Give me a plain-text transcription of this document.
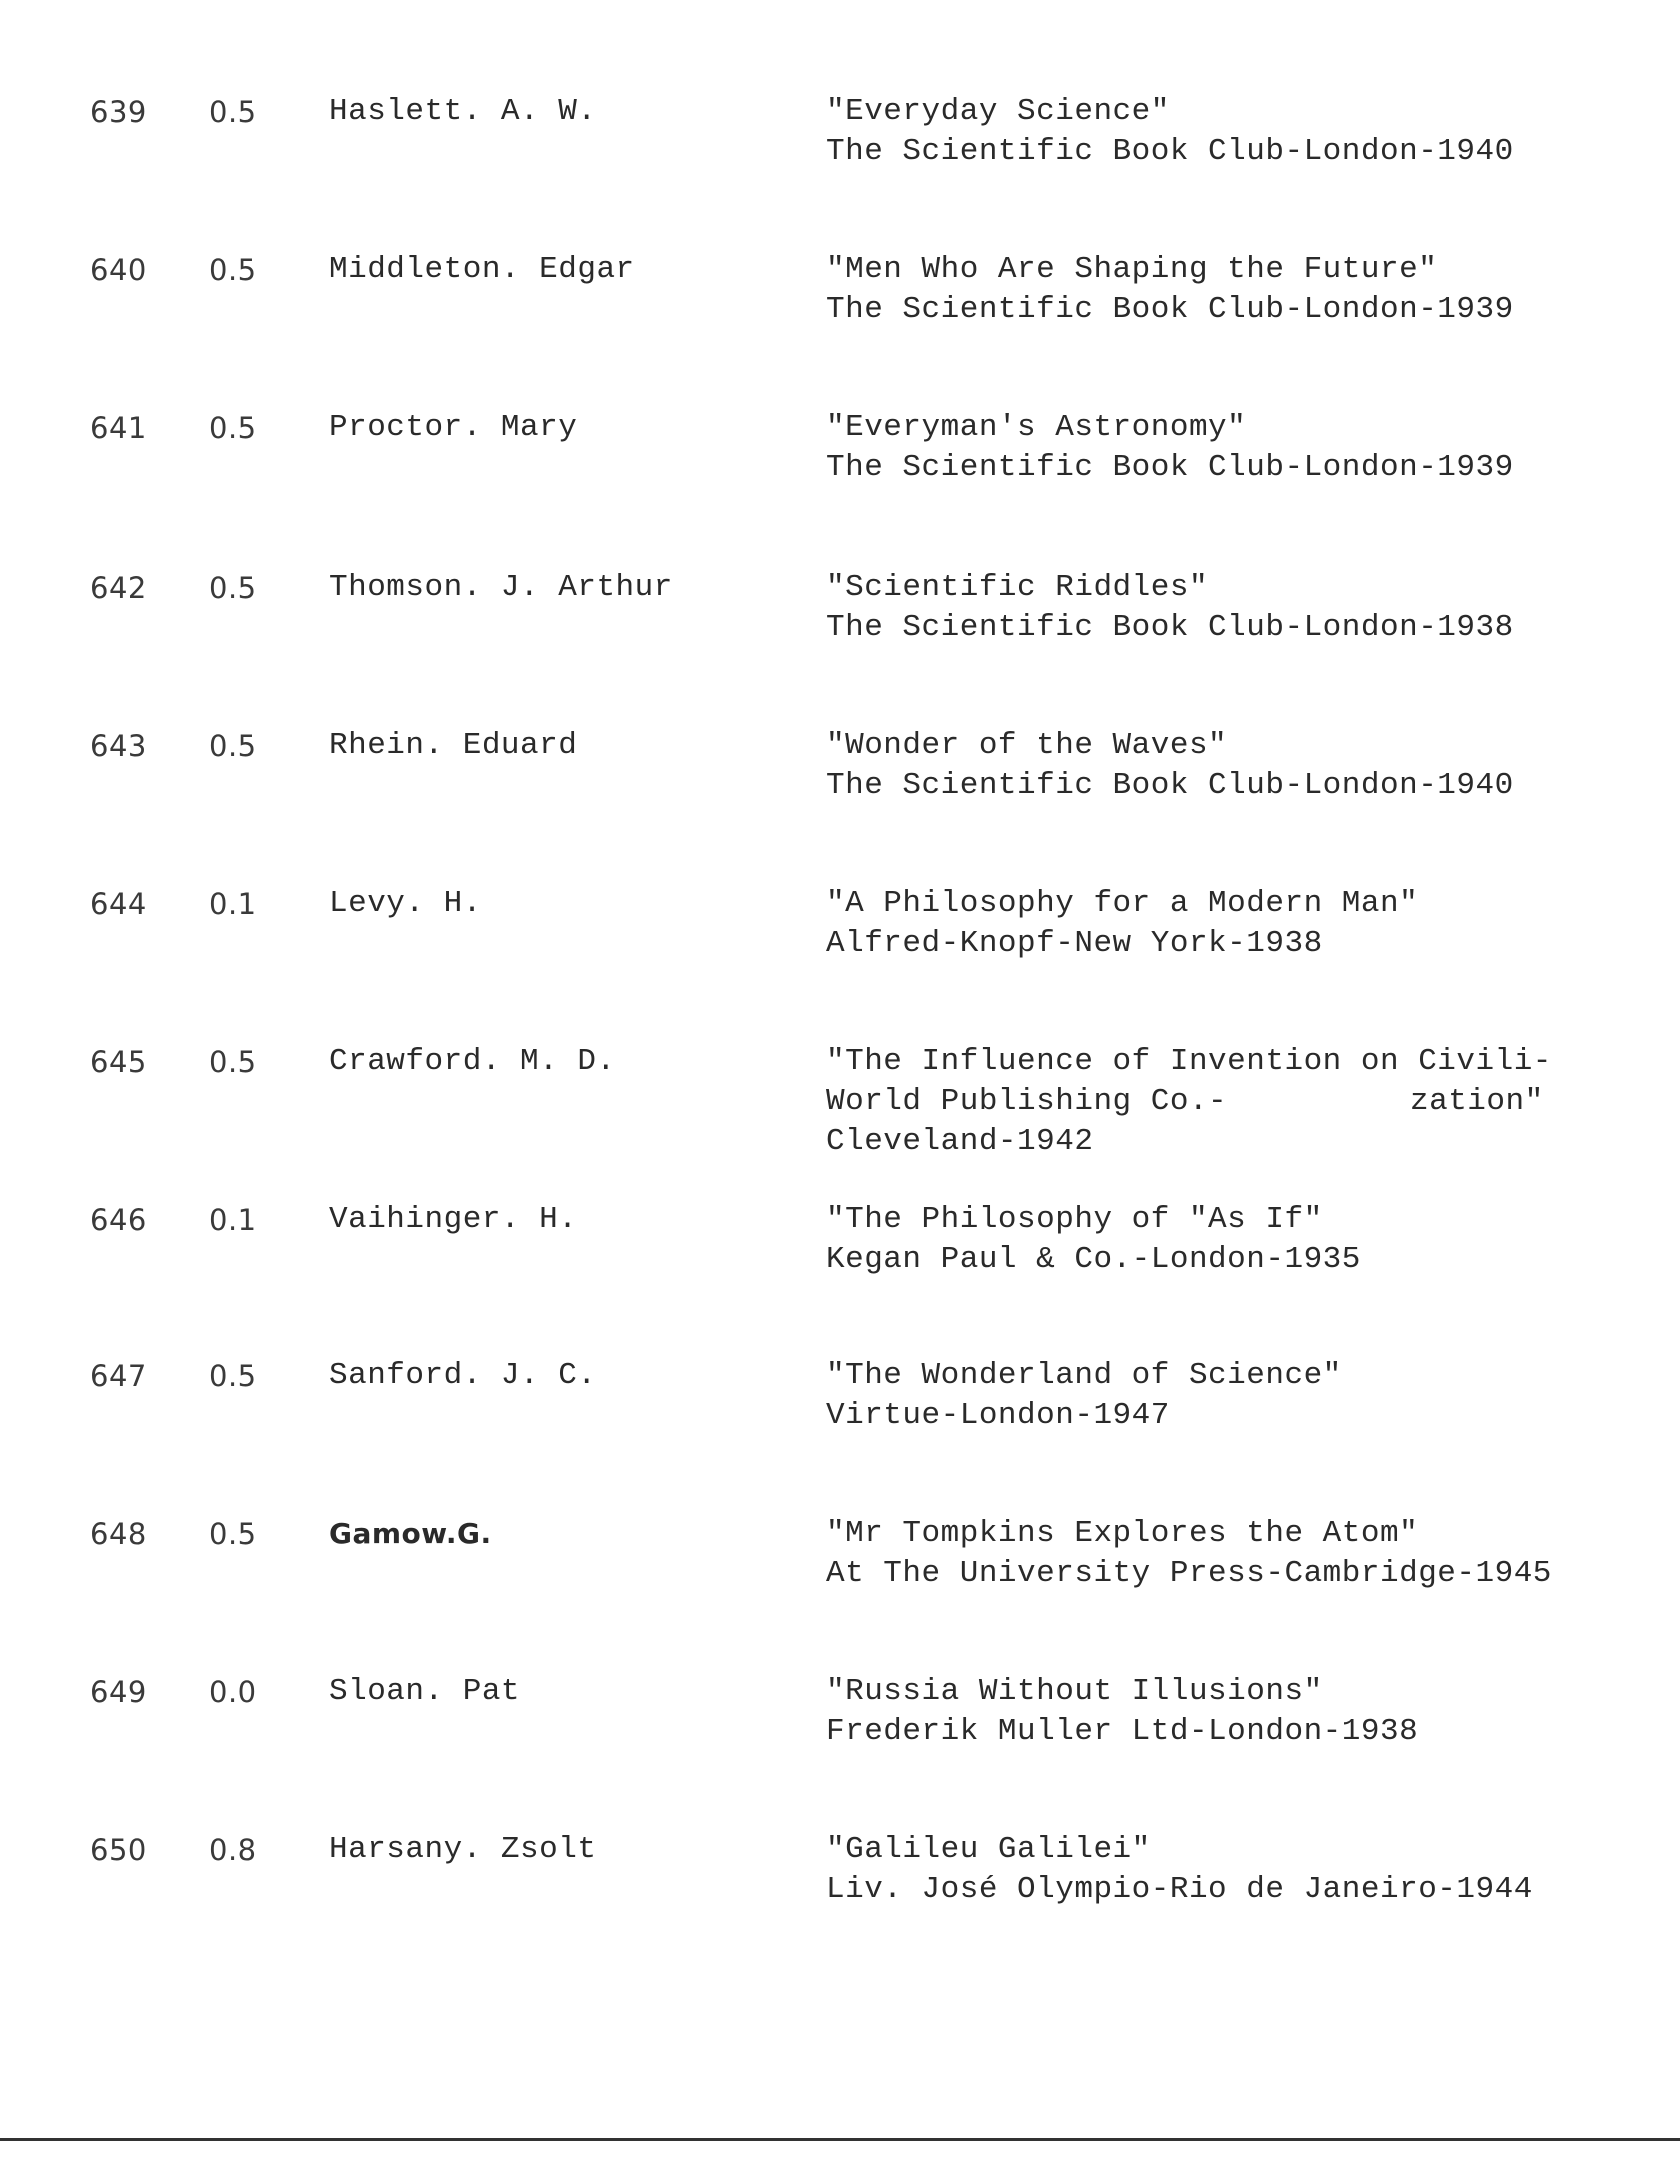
639 0.5 Haslett. A. W.	"Everyday Science"
The Scientific Book Club-London-1940
640 0.5 Middleton. Edgar	"Men Who Are Shaping the Future"
The Scientific Book Club-London-1939
641 0.5 Proctor. Mary	"Everyman's Astronomy"
The Scientific Book Club-London-1939
642 0.5 Thomson. J. Arthur	"Scientific Riddles"
The Scientific Book Club-London-1938
643 0.5 Rhein. Eduard	"Wonder of the Waves"
The Scientific Book Club-London-1940
644 0.1 Levy. H.	"A Philosophy for a Modern Man"
Alfred-Knopf-New York-1938
645 0.5 Crawford. M. D.	"The Influence of Invention on Civili-
World Publishing Co.-	zation"
Cleveland-1942
646 0.1 Vaihinger. H.	"The Philosophy of "As If"
Kegan Paul & Co.-London-1935
647 0.5 Sanford. J. C.	"The Wonderland of Science"
Virtue-London-1947
648 0.5	Gamow.G.	"Mr Tompkins Explores the Atom"
At The University Press-Cambridge-1945
649 0.0 Sloan. Pat	"Russia Without Illusions"
Frederik Muller Ltd-London-1938
650 0.8 Harsany. Zsolt	"Galileu Galilei"
Liv. José Olympio-Rio de Janeiro-1944
